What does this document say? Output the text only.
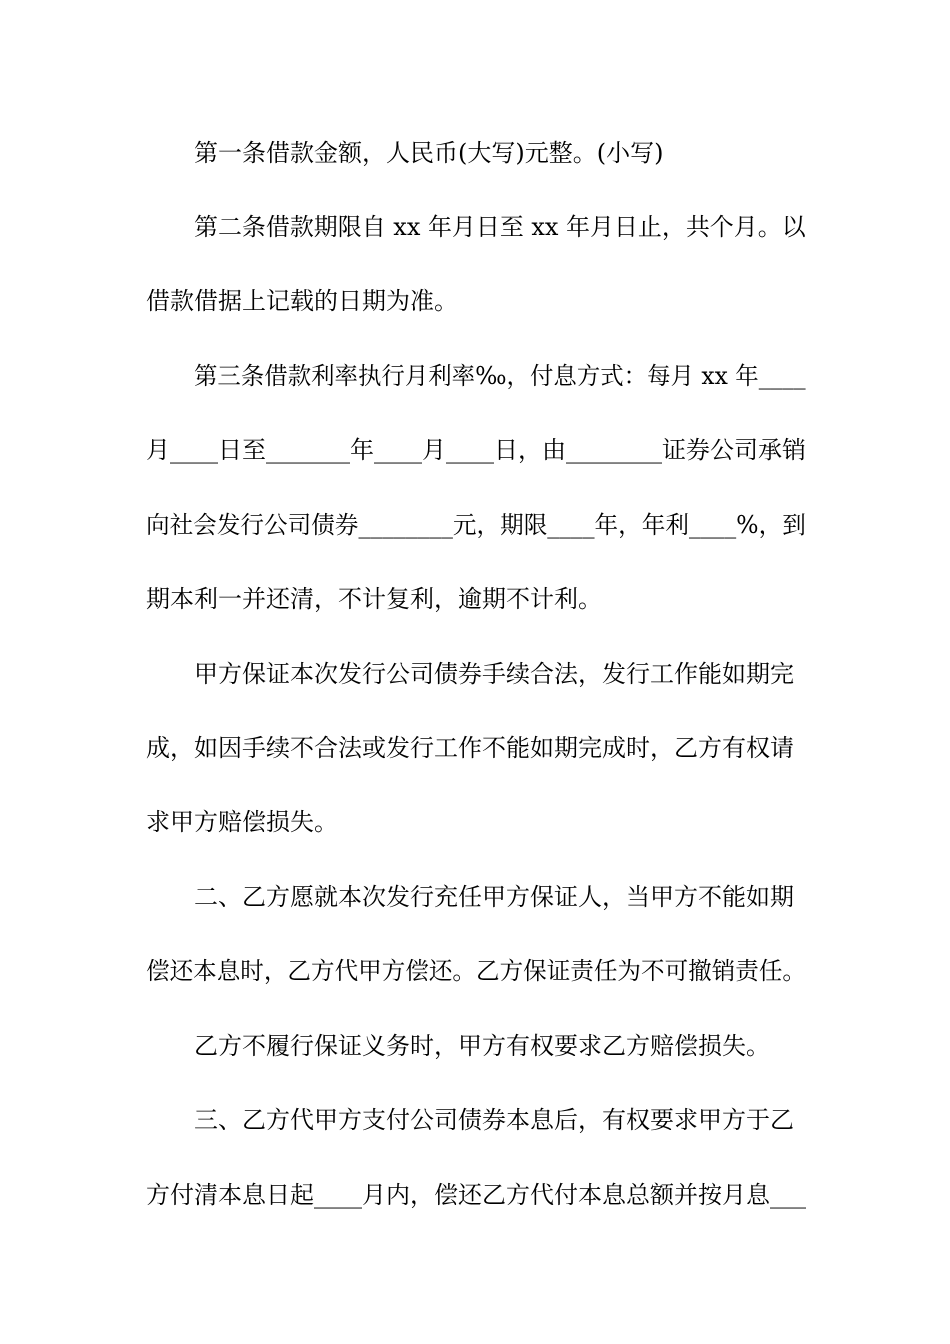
第一条借款金额，人民币(大写)元整。(小写)
第二条借款期限自 xx 年月日至 xx 年月日止，共个月。以
借款借据上记载的日期为准。
第三条借款利率执行月利率‰，付息方式：每月 xx 年____
月____日至_______年____月____日，由________证券公司承销
向社会发行公司债券________元，期限____年，年利____%，到
期本利一并还清，不计复利，逾期不计利。
甲方保证本次发行公司债券手续合法，发行工作能如期完
成，如因手续不合法或发行工作不能如期完成时，乙方有权请
求甲方赔偿损失。
二、乙方愿就本次发行充任甲方保证人，当甲方不能如期
偿还本息时，乙方代甲方偿还。乙方保证责任为不可撤销责任。
乙方不履行保证义务时，甲方有权要求乙方赔偿损失。
三、乙方代甲方支付公司债券本息后，有权要求甲方于乙
方付清本息日起____月内，偿还乙方代付本息总额并按月息___
